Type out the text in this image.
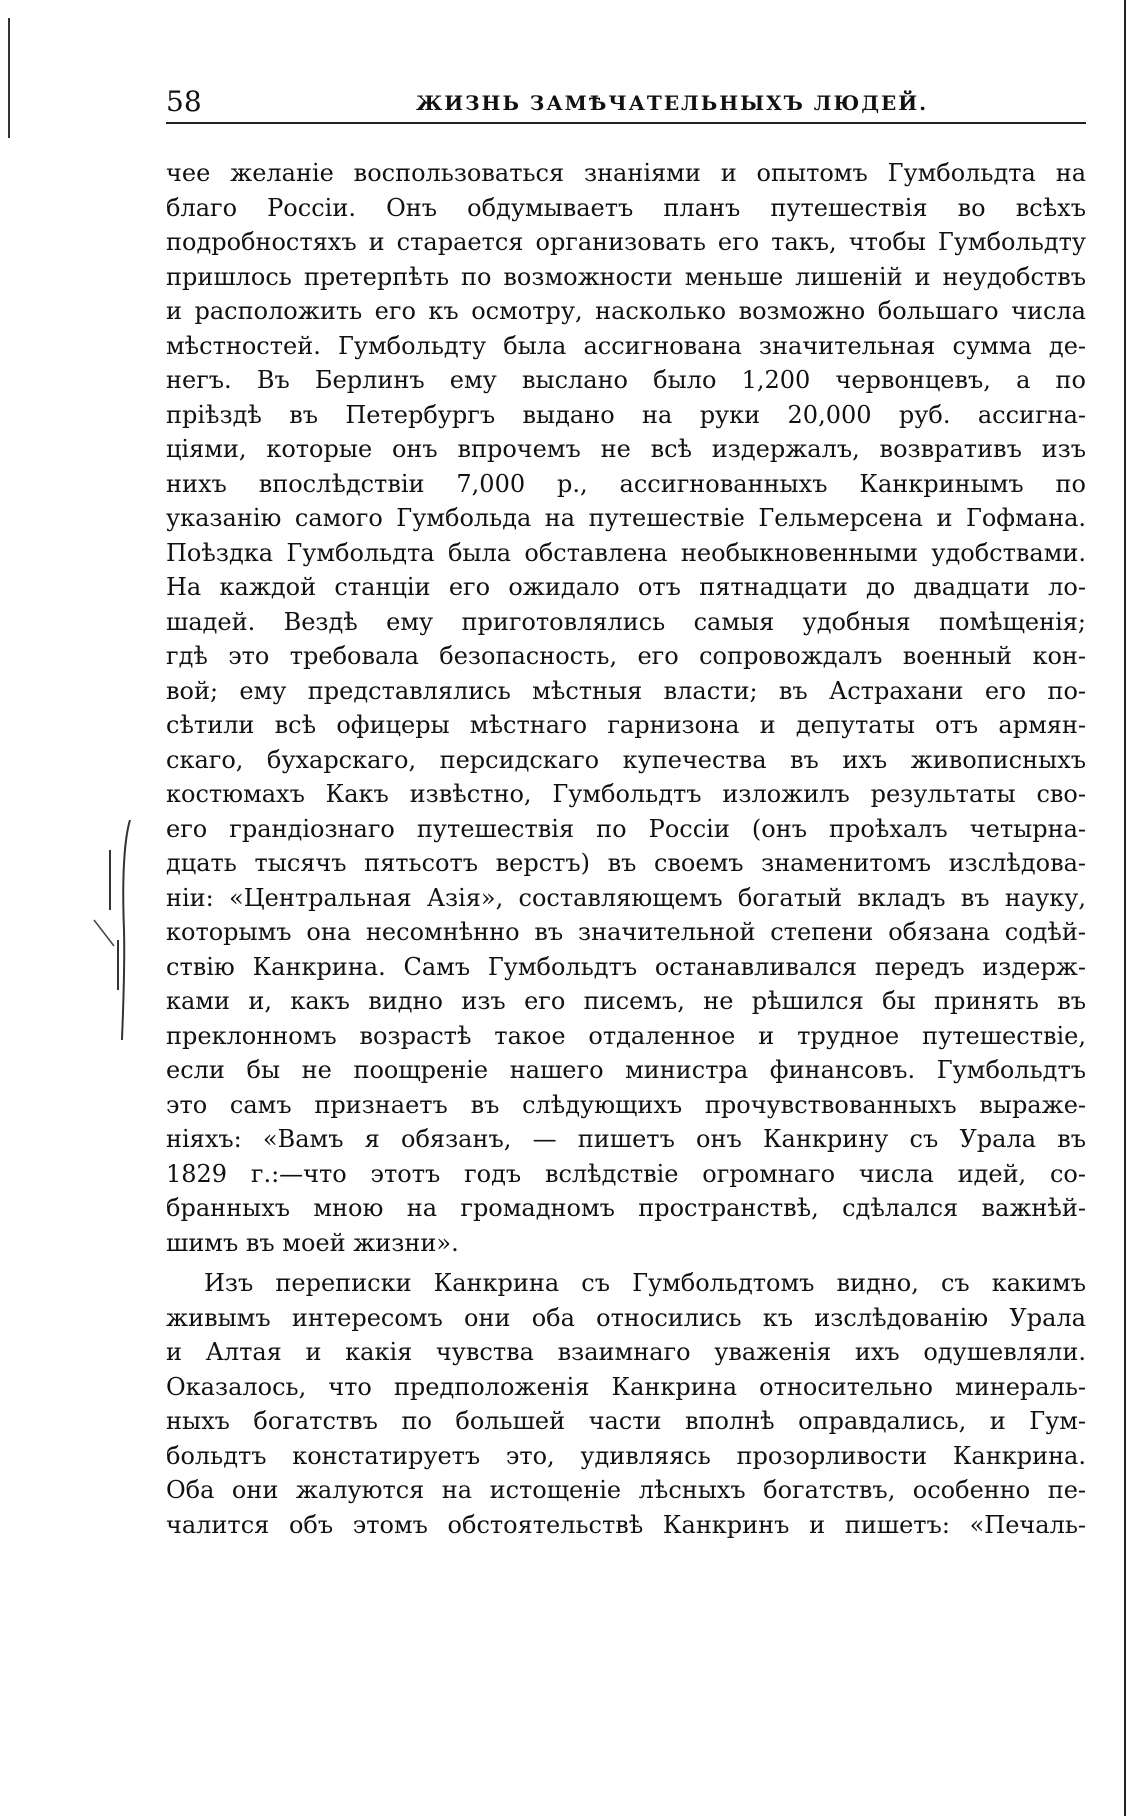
58	ЖИЗНЬ ЗАМѢЧАТЕЛЬНЫХЪ ЛЮДЕЙ.
чее желаніе воспользоваться знаніями и опытомъ Гумбольдта на
благо Россіи. Онъ обдумываетъ планъ путешествія во всѣхъ
подробностяхъ и старается организовать его такъ, чтобы Гумбольдту
пришлось претерпѣть по возможности меньше лишеній и неудобствъ
и расположить его къ осмотру, насколько возможно большаго числа
мѣстностей. Гумбольдту была ассигнована значительная сумма де-
негъ. Въ Берлинъ ему выслано было 1,200 червонцевъ, а по
пріѣздѣ въ Петербургъ выдано на руки 20,000 руб. ассигна-
ціями, которые онъ впрочемъ не всѣ издержалъ, возвративъ изъ
нихъ впослѣдствіи 7,000 р., ассигнованныхъ Канкринымъ по
указанію самого Гумбольда на путешествіе Гельмерсена и Гофмана.
Поѣздка Гумбольдта была обставлена необыкновенными удобствами.
На каждой станціи его ожидало отъ пятнадцати до двадцати ло-
шадей. Вездѣ ему приготовлялись самыя удобныя помѣщенія;
гдѣ это требовала безопасность, его сопровождалъ военный кон-
вой; ему представлялись мѣстныя власти; въ Астрахани его по-
сѣтили всѣ офицеры мѣстнаго гарнизона и депутаты отъ армян-
скаго, бухарскаго, персидскаго купечества въ ихъ живописныхъ
костюмахъ Какъ извѣстно, Гумбольдтъ изложилъ результаты сво-
его грандіознаго путешествія по Россіи (онъ проѣхалъ четырна-
дцать тысячъ пятьсотъ верстъ) въ своемъ знаменитомъ изслѣдова-
ніи: «Центральная Азія», составляющемъ богатый вкладъ въ науку,
которымъ она несомнѣнно въ значительной степени обязана содѣй-
ствію Канкрина. Самъ Гумбольдтъ останавливался передъ издерж-
ками и, какъ видно изъ его писемъ, не рѣшился бы принять въ
преклонномъ возрастѣ такое отдаленное и трудное путешествіе,
если бы не поощреніе нашего министра финансовъ. Гумбольдтъ
это самъ признаетъ въ слѣдующихъ прочувствованныхъ выраже-
ніяхъ: «Вамъ я обязанъ, — пишетъ онъ Канкрину съ Урала въ
1829 г.:—что этотъ годъ вслѣдствіе огромнаго числа идей, со-
бранныхъ мною на громадномъ пространствѣ, сдѣлался важнѣй-
шимъ въ моей жизни».
Изъ переписки Канкрина съ Гумбольдтомъ видно, съ какимъ
живымъ интересомъ они оба относились къ изслѣдованію Урала
и Алтая и какія чувства взаимнаго уваженія ихъ одушевляли.
Оказалось, что предположенія Канкрина относительно минераль-
ныхъ богатствъ по большей части вполнѣ оправдались, и Гум-
больдтъ констатируетъ это, удивляясь прозорливости Канкрина.
Оба они жалуются на истощеніе лѣсныхъ богатствъ, особенно пе-
чалится объ этомъ обстоятельствѣ Канкринъ и пишетъ: «Печаль-
